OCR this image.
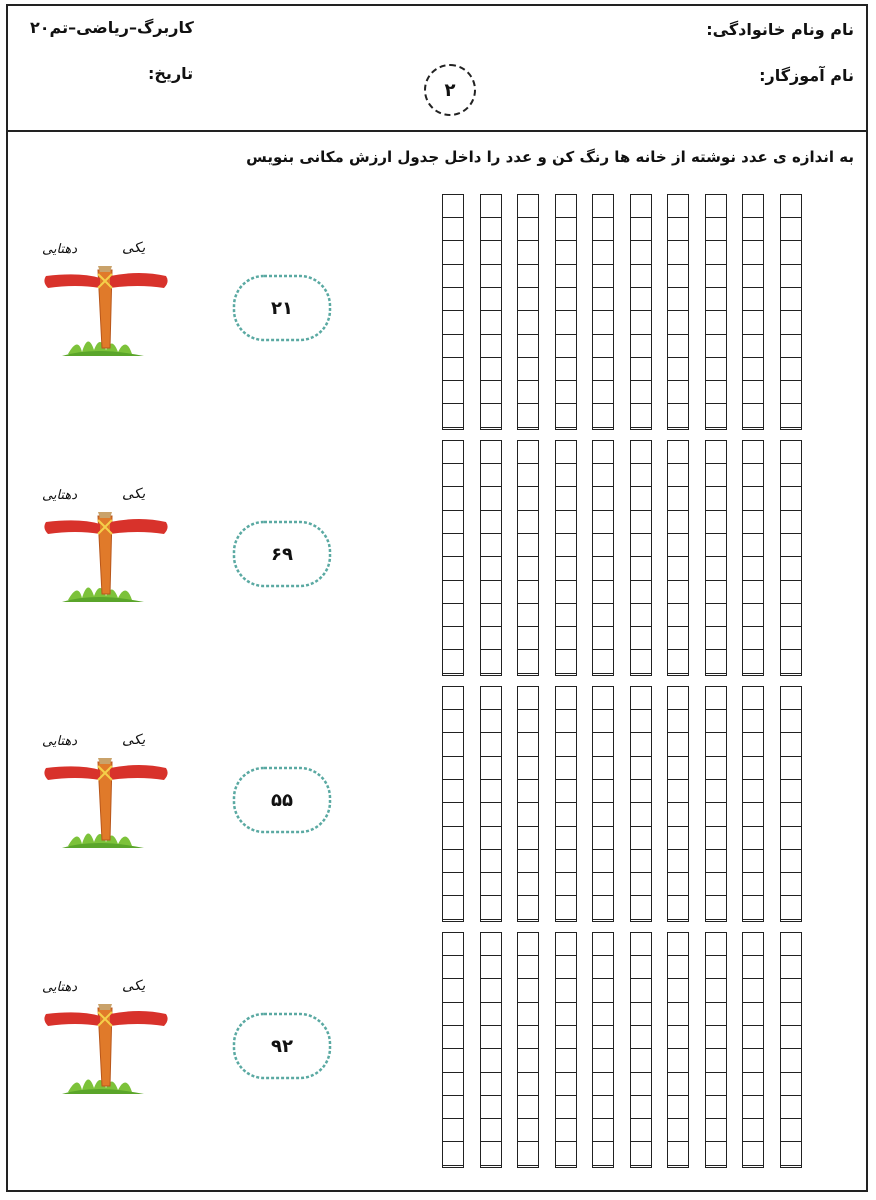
نام ونام خانوادگی:
نام آموزگار:
کاربرگ–ریاضی–تم۲۰
تاریخ:
۲
به اندازه ی عدد نوشته از خانه ها رنگ کن و عدد را داخل جدول ارزش مکانی بنویس
یکی
دهتایی
۲۱
یکی
دهتایی
۶۹
یکی
دهتایی
۵۵
یکی
دهتایی
۹۲
